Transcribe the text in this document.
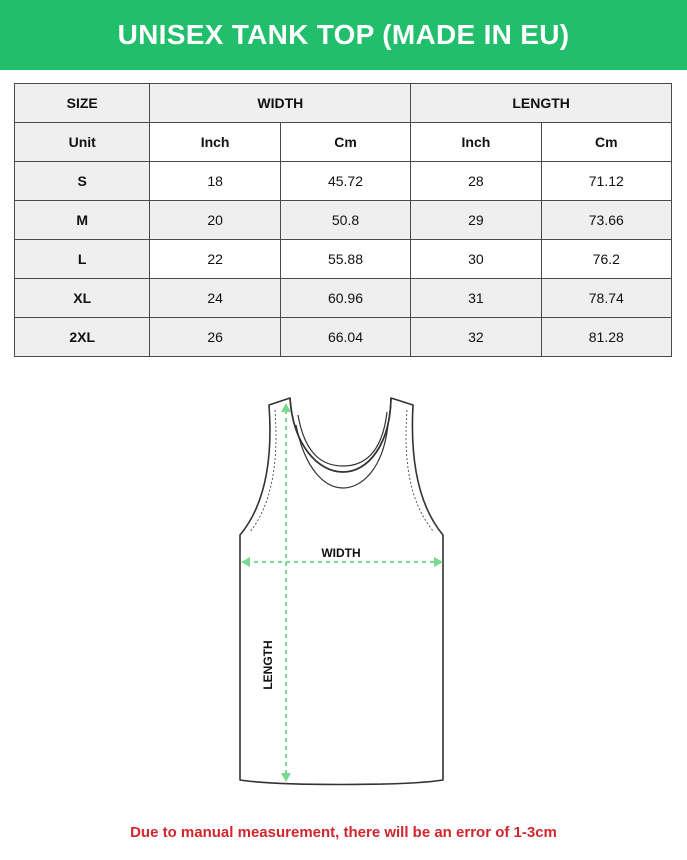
UNISEX TANK TOP (MADE IN EU)
SIZE	WIDTH		LENGTH	
Unit	Inch	Cm	Inch	Cm
S	18	45.72	28	71.12
M	20	50.8	29	73.66
L	22	55.88	30	76.2
XL	24	60.96	31	78.74
2XL	26	66.04	32	81.28
WIDTH
LENGTH
Due to manual measurement, there will be an error of 1-3cm
